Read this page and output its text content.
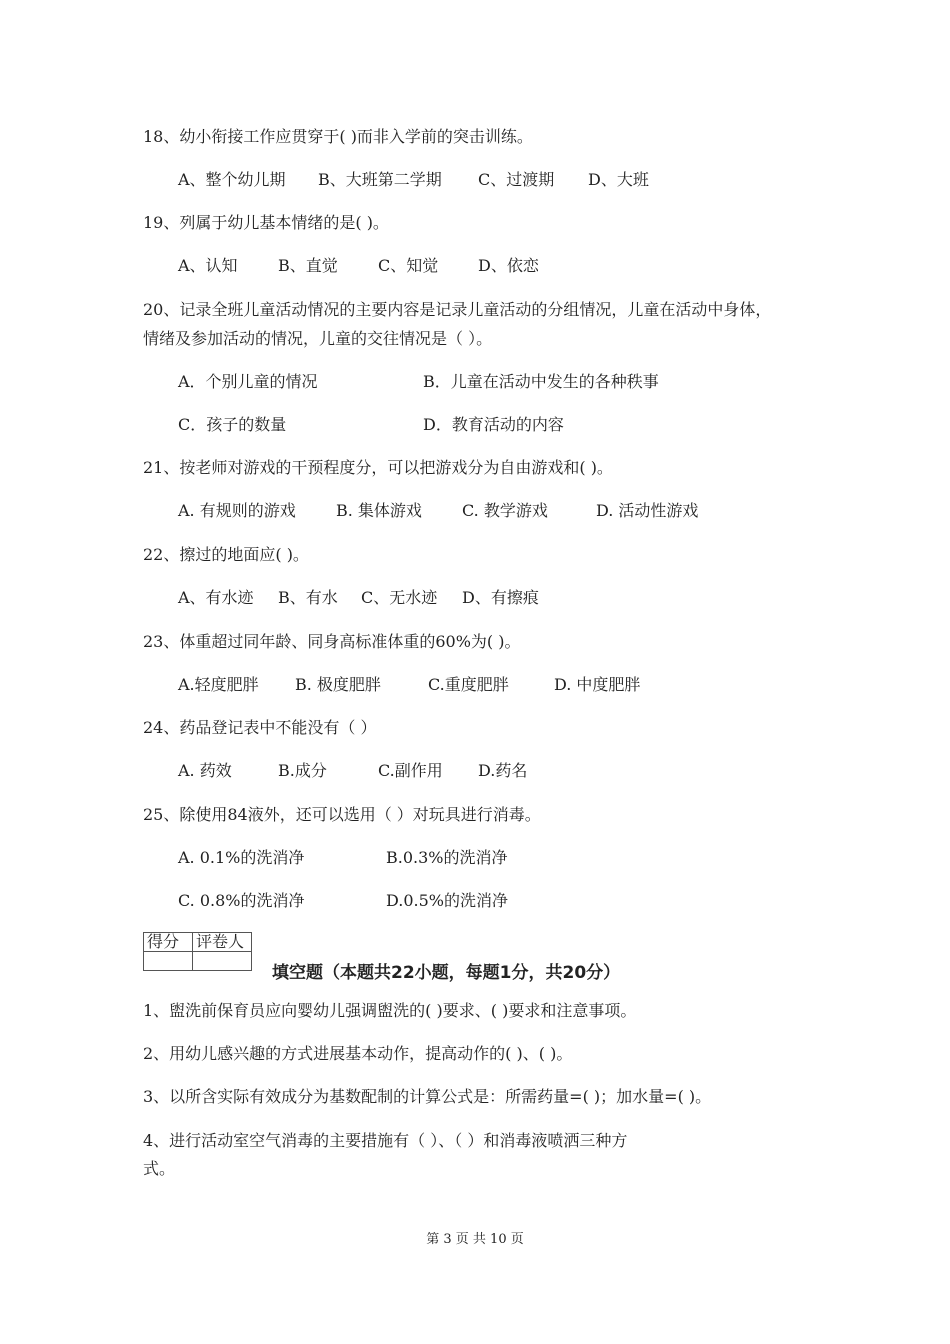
18、幼小衔接工作应贯穿于( )而非入学前的突击训练。
A、整个幼儿期 B、大班第二学期 C、过渡期 D、大班
19、列属于幼儿基本情绪的是( )。
A、认知	B、直觉	C、知觉 D、依恋
20、记录全班儿童活动情况的主要内容是记录儿童活动的分组情况，儿童在活动中身体，
情绪及参加活动的情况，儿童的交往情况是（ ）。
A．个别儿童的情况	B．儿童在活动中发生的各种秩事
C．孩子的数量	D．教育活动的内容
21、按老师对游戏的干预程度分，可以把游戏分为自由游戏和( )。
A. 有规则的游戏	B. 集体游戏	C. 教学游戏	D. 活动性游戏
22、擦过的地面应( )。
A、有水迹 B、有水 C、无水迹 D、有擦痕
23、体重超过同年龄、同身高标准体重的60%为( )。
A.轻度肥胖 B. 极度肥胖	C.重度肥胖	D. 中度肥胖
24、药品登记表中不能没有（ ）
A. 药效	B.成分	C.副作用 D.药名
25、除使用84液外，还可以选用（ ）对玩具进行消毒。
A. 0.1%的洗消净	B.0.3%的洗消净
C. 0.8%的洗消净	D.0.5%的洗消净
得分	评卷人

填空题（本题共22小题，每题1分，共20分）
1、盥洗前保育员应向婴幼儿强调盥洗的( )要求、( )要求和注意事项。
2、用幼儿感兴趣的方式进展基本动作，提高动作的( )、( )。
3、以所含实际有效成分为基数配制的计算公式是：所需药量=( )；加水量=( )。
4、进行活动室空气消毒的主要措施有（ ）、（ ）和消毒液喷洒三种方
式。
第 3 页 共 10 页
